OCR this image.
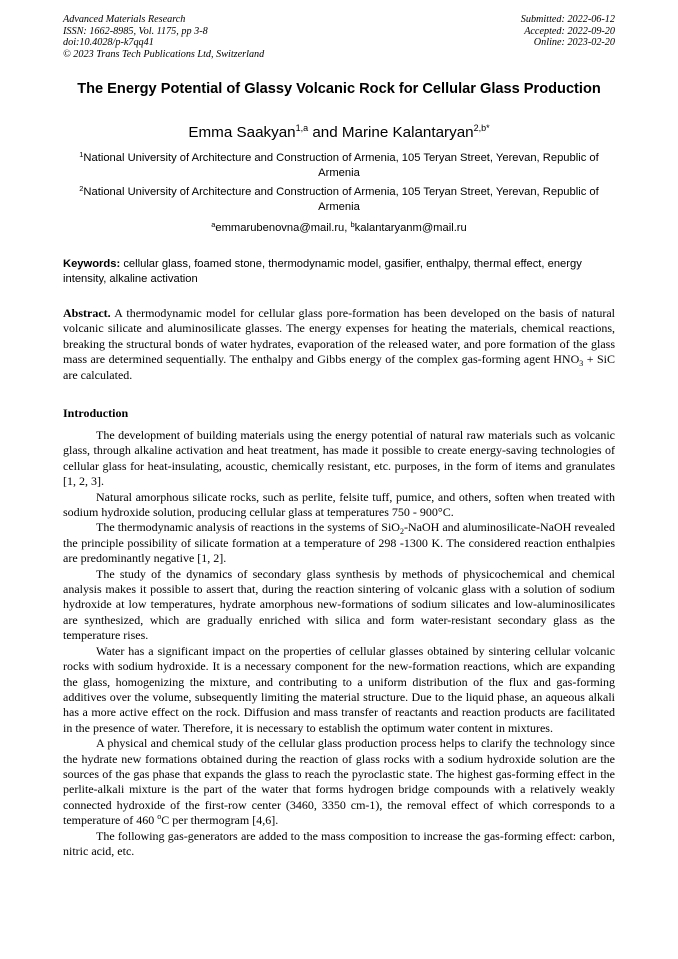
Advanced Materials Research
ISSN: 1662-8985, Vol. 1175, pp 3-8
doi:10.4028/p-k7qq41
© 2023 Trans Tech Publications Ltd, Switzerland
Submitted: 2022-06-12
Accepted: 2022-09-20
Online: 2023-02-20
The Energy Potential of Glassy Volcanic Rock for Cellular Glass Production
Emma Saakyan$^{1,a}$ and Marine Kalantaryan$^{2,b*}$
$^1$National University of Architecture and Construction of Armenia, 105 Teryan Street, Yerevan, Republic of Armenia
$^2$National University of Architecture and Construction of Armenia, 105 Teryan Street, Yerevan, Republic of Armenia
$^a$emmarubenovna@mail.ru, $^b$kalantaryanm@mail.ru
Keywords: cellular glass, foamed stone, thermodynamic model, gasifier, enthalpy, thermal effect, energy intensity, alkaline activation
Abstract. A thermodynamic model for cellular glass pore-formation has been developed on the basis of natural volcanic silicate and aluminosilicate glasses. The energy expenses for heating the materials, chemical reactions, breaking the structural bonds of water hydrates, evaporation of the released water, and pore formation of the glass mass are determined sequentially. The enthalpy and Gibbs energy of the complex gas-forming agent $HNO_3$ + SiC are calculated.
Introduction

The development of building materials using the energy potential of natural raw materials such as volcanic glass, through alkaline activation and heat treatment, has made it possible to create energy-saving technologies of cellular glass for heat-insulating, acoustic, chemically resistant, etc. purposes, in the form of items and granulates [1, 2, 3].

Natural amorphous silicate rocks, such as perlite, felsite tuff, pumice, and others, soften when treated with sodium hydroxide solution, producing cellular glass at temperatures 750 - 900°C.

The thermodynamic analysis of reactions in the systems of SiO$_2$-NaOH and aluminosilicate-NaOH revealed the principle possibility of silicate formation at a temperature of 298 -1300 K. The considered reaction enthalpies are predominantly negative [1, 2].

The study of the dynamics of secondary glass synthesis by methods of physicochemical and chemical analysis makes it possible to assert that, during the reaction sintering of volcanic glass with a solution of sodium hydroxide at low temperatures, hydrate amorphous new-formations of sodium silicates and low-aluminosilicates are synthesized, which are gradually enriched with silica and form water-resistant secondary glass as the temperature rises.

Water has a significant impact on the properties of cellular glasses obtained by sintering cellular volcanic rocks with sodium hydroxide. It is a necessary component for the new-formation reactions, which are expanding the glass, homogenizing the mixture, and contributing to a uniform distribution of the flux and gas-forming additives over the volume, subsequently limiting the material structure. Due to the liquid phase, an aqueous alkali has a more active effect on the rock. Diffusion and mass transfer of reactants and reaction products are facilitated in the presence of water. Therefore, it is necessary to establish the optimum water content in mixtures.

A physical and chemical study of the cellular glass production process helps to clarify the technology since the hydrate new formations obtained during the reaction of glass rocks with a sodium hydroxide solution are the sources of the gas phase that expands the glass to reach the pyroclastic state. The highest gas-forming effect in the perlite-alkali mixture is the part of the water that forms hydrogen bridge compounds with a relatively weakly connected hydroxide of the first-row center (3460, 3350 cm-1), the removal effect of which corresponds to a temperature of 460 $^o$C per thermogram [4,6].

The following gas-generators are added to the mass composition to increase the gas-forming effect: carbon, nitric acid, etc.
